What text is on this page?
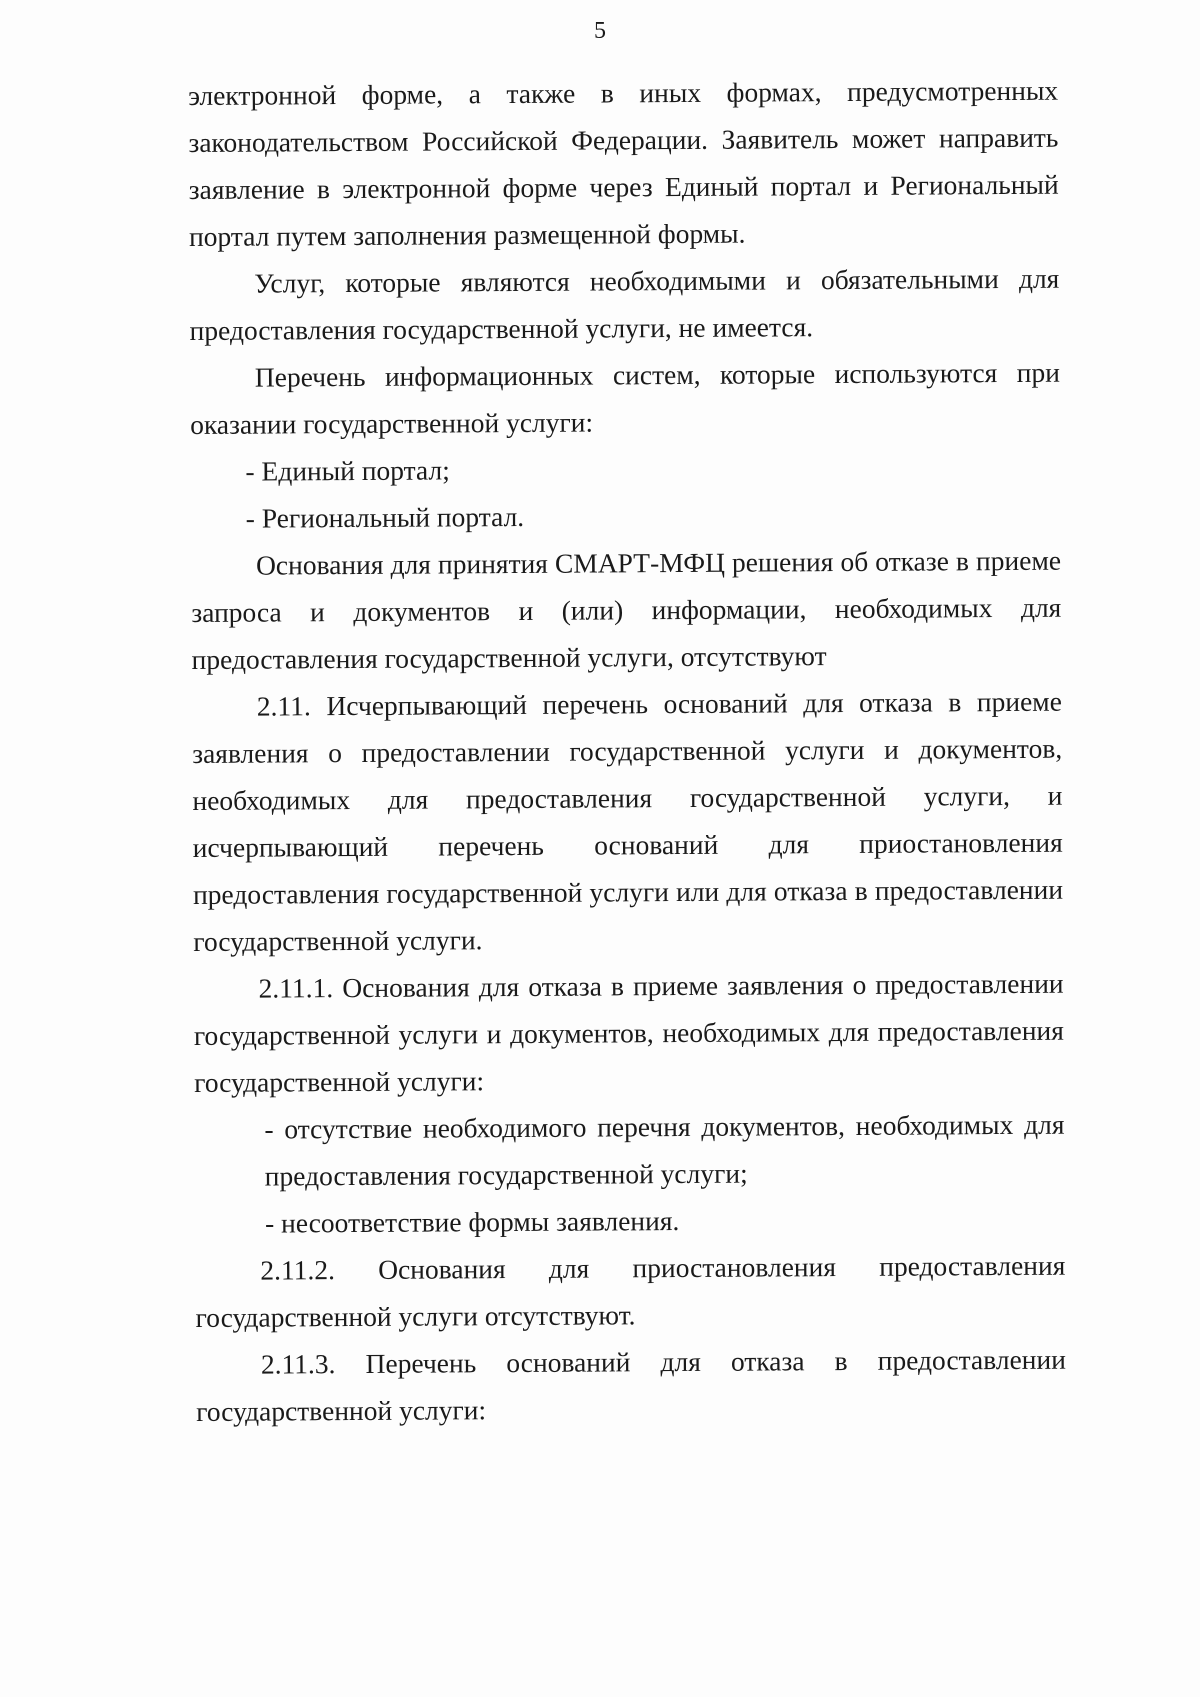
5

электронной форме, а также в иных формах, предусмотренных законодательством Российской Федерации. Заявитель может направить заявление в электронной форме через Единый портал и Региональный портал путем заполнения размещенной формы.

Услуг, которые являются необходимыми и обязательными для предоставления государственной услуги, не имеется.

Перечень информационных систем, которые используются при оказании государственной услуги:

- Единый портал;

- Региональный портал.

Основания для принятия СМАРТ-МФЦ решения об отказе в приеме запроса и документов и (или) информации, необходимых для предоставления государственной услуги, отсутствуют

2.11. Исчерпывающий перечень оснований для отказа в приеме заявления о предоставлении государственной услуги и документов, необходимых для предоставления государственной услуги, и исчерпывающий перечень оснований для приостановления предоставления государственной услуги или для отказа в предоставлении государственной услуги.

2.11.1. Основания для отказа в приеме заявления о предоставлении государственной услуги и документов, необходимых для предоставления государственной услуги:

- отсутствие необходимого перечня документов, необходимых для предоставления государственной услуги;

- несоответствие формы заявления.

2.11.2. Основания для приостановления предоставления государственной услуги отсутствуют.

2.11.3. Перечень оснований для отказа в предоставлении государственной услуги:
